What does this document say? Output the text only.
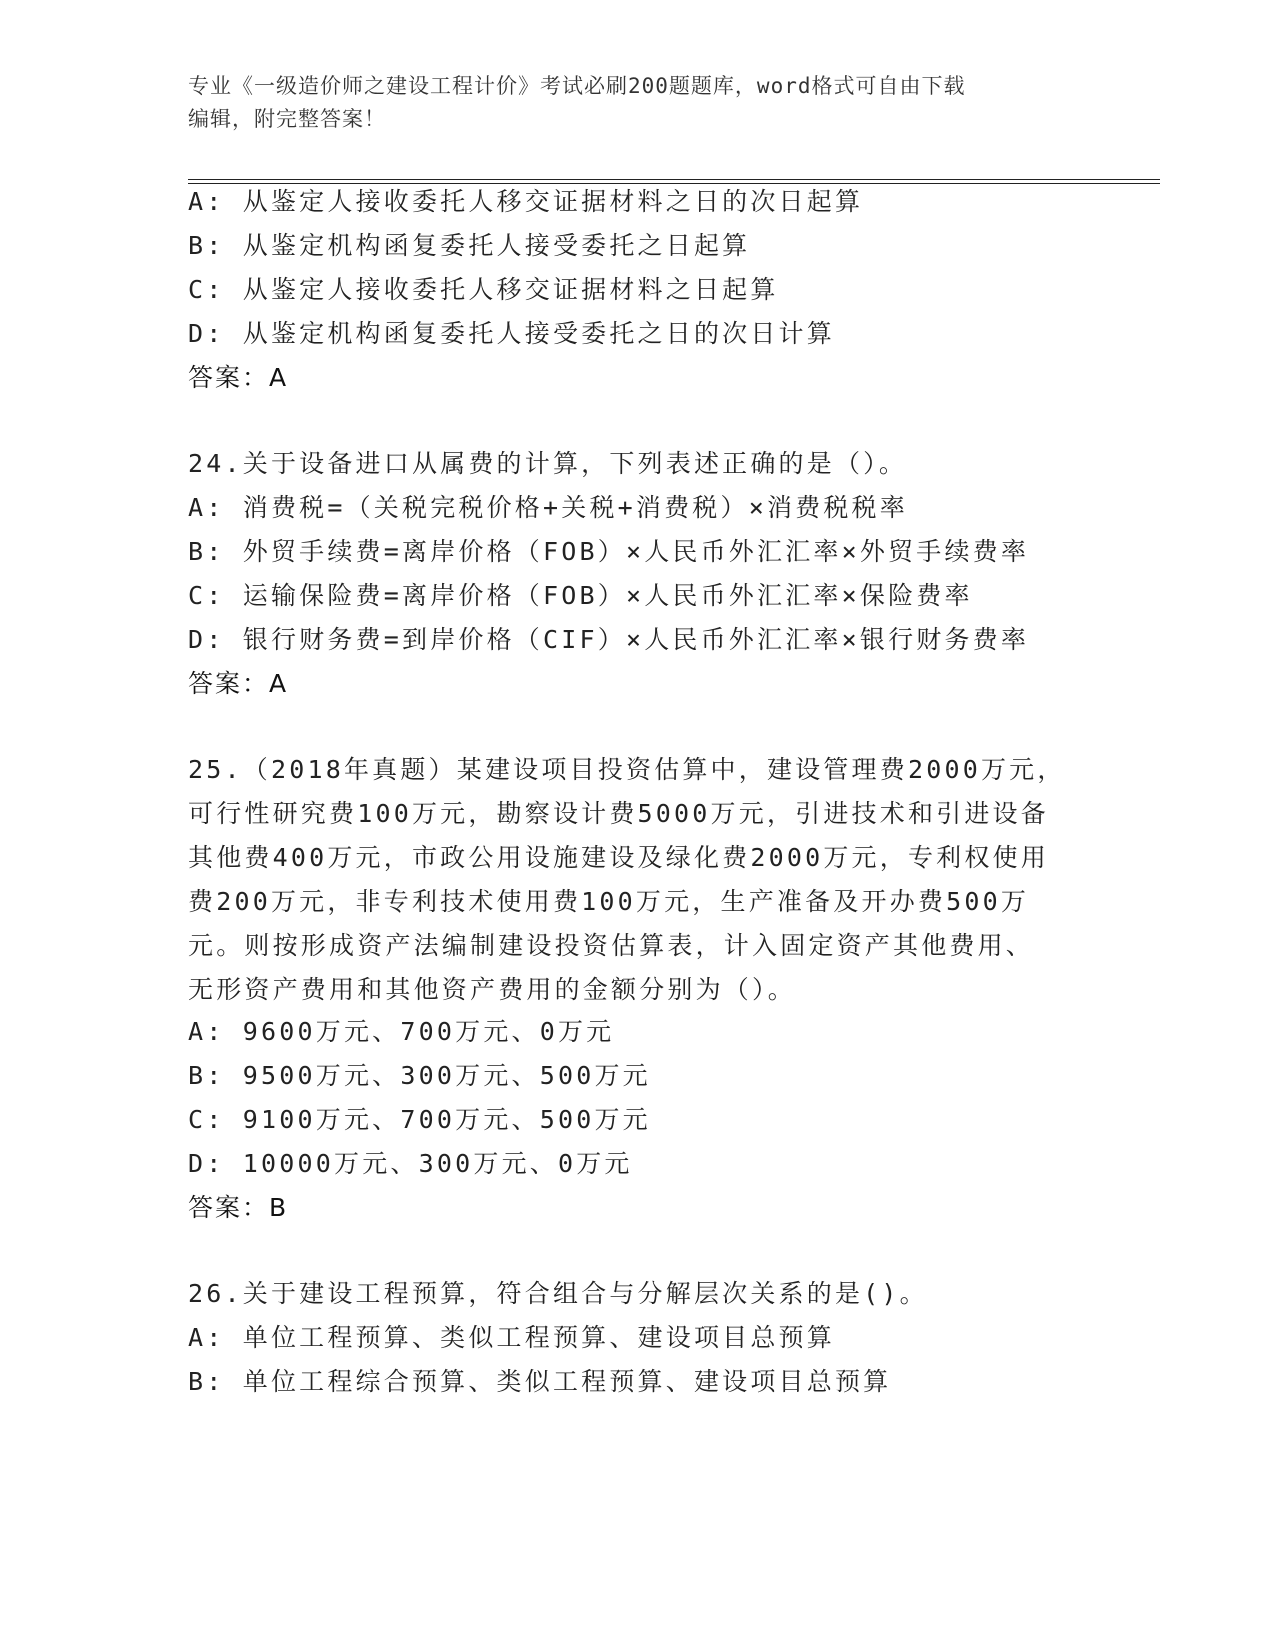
专业《一级造价师之建设工程计价》考试必刷200题题库，word格式可自由下载
编辑，附完整答案！
A: 从鉴定人接收委托人移交证据材料之日的次日起算
B: 从鉴定机构函复委托人接受委托之日起算
C: 从鉴定人接收委托人移交证据材料之日起算
D: 从鉴定机构函复委托人接受委托之日的次日计算
答案：A
24.关于设备进口从属费的计算，下列表述正确的是（）。
A: 消费税=（关税完税价格+关税+消费税）×消费税税率
B: 外贸手续费=离岸价格（FOB）×人民币外汇汇率×外贸手续费率
C: 运输保险费=离岸价格（FOB）×人民币外汇汇率×保险费率
D: 银行财务费=到岸价格（CIF）×人民币外汇汇率×银行财务费率
答案：A
25.（2018年真题）某建设项目投资估算中，建设管理费2000万元，
可行性研究费100万元，勘察设计费5000万元，引进技术和引进设备
其他费400万元，市政公用设施建设及绿化费2000万元，专利权使用
费200万元，非专利技术使用费100万元，生产准备及开办费500万
元。则按形成资产法编制建设投资估算表，计入固定资产其他费用、
无形资产费用和其他资产费用的金额分别为（）。
A: 9600万元、700万元、0万元
B: 9500万元、300万元、500万元
C: 9100万元、700万元、500万元
D: 10000万元、300万元、0万元
答案：B
26.关于建设工程预算，符合组合与分解层次关系的是()。
A: 单位工程预算、类似工程预算、建设项目总预算
B: 单位工程综合预算、类似工程预算、建设项目总预算
